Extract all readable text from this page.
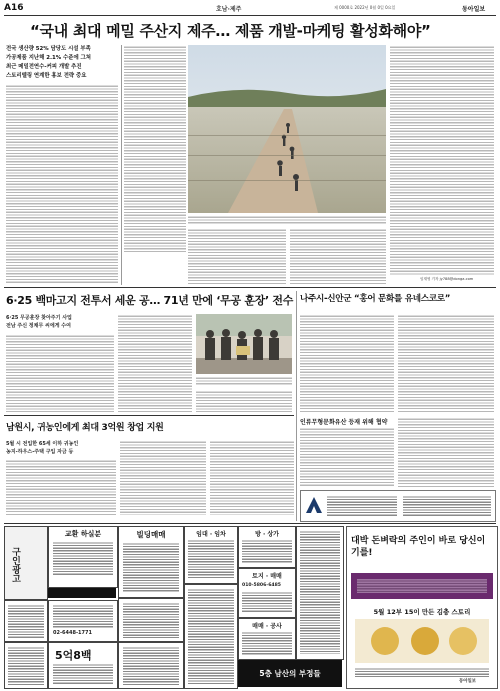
A16	호남·제주	제 0000호 2022년 0월 0일 0요일	동아일보
“국내 최대 메밀 주산지 제주… 제품 개발-마케팅 활성화해야”
전국 생산량 52% 담당도 시설 부족
가공제품 지난해 2.1% 수준에 그쳐
최근 메밀전연수-커피 개발 추진
스토리텔링 연계한 홍보 전략 중요
임재영 기자 jy788@donga.com
6·25 백마고지 전투서 세운 공… 71년 만에 ‘무공 훈장’ 전수
6·25 무공훈장 찾아주기 사업
전남 주신 정채무 씨에게 수여
나주시-신안군 “홍어 문화를 유네스코로”
남원시, 귀농인에게 최대 3억원 창업 지원
5월 시 전입한 65세 이하 귀농인
농지-하우스-주택 구입 자금 등
인류무형문화유산 등재 위해 협약
구인광고
교환 하실분
02-6448-1771
5억8백
빌딩매매	임대 · 임차	방 · 상가
토지 · 매매
010-5806-6485
매매 · 공사
5층 남산의 부정들
대박 돈벼락의 주인이 바로 당신이기를!
5월 12부 15이 만든 김충 스토리
동아일보
